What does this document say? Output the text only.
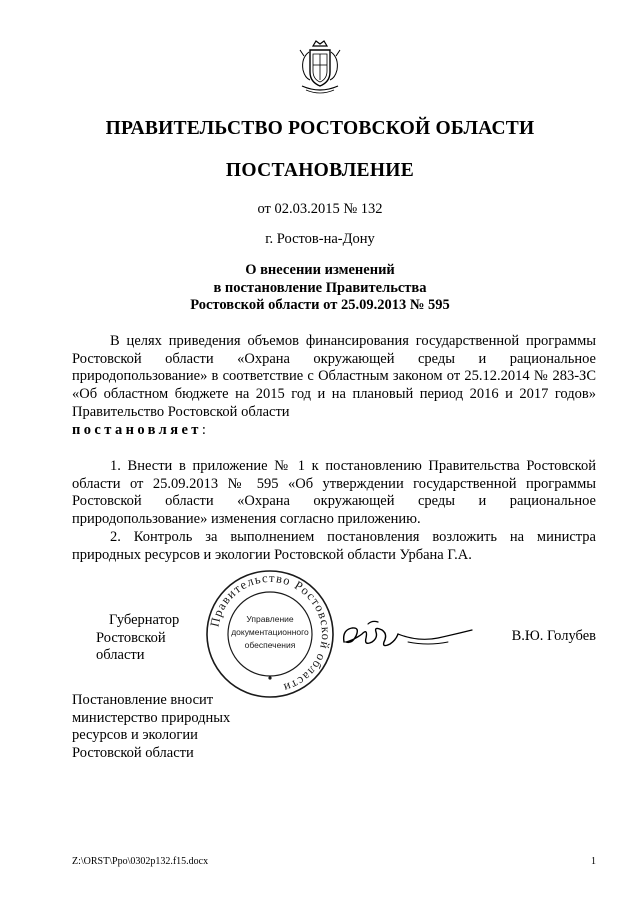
ПРАВИТЕЛЬСТВО РОСТОВСКОЙ ОБЛАСТИ
ПОСТАНОВЛЕНИЕ
от 02.03.2015 № 132
г. Ростов-на-Дону
О внесении изменений
в постановление Правительства
Ростовской области от 25.09.2013 № 595
В целях приведения объемов финансирования государственной программы Ростовской области «Охрана окружающей среды и рациональное природопользование» в соответствие с Областным законом от 25.12.2014 № 283-ЗС «Об областном бюджете на 2015 год и на плановый период 2016 и 2017 годов» Правительство Ростовской области
постановляет:
1. Внести в приложение № 1 к постановлению Правительства Ростовской области от 25.09.2013 № 595 «Об утверждении государственной программы Ростовской области «Охрана окружающей среды и рациональное природопользование» изменения согласно приложению.
2. Контроль за выполнением постановления возложить на министра природных ресурсов и экологии Ростовской области Урбана Г.А.
Губернатор
Ростовской области
Правительство Ростовской области
Управление
документационного
обеспечения
В.Ю. Голубев
Постановление вносит
министерство природных
ресурсов и экологии
Ростовской области
Z:\ORST\Ppo\0302p132.f15.docx	1
